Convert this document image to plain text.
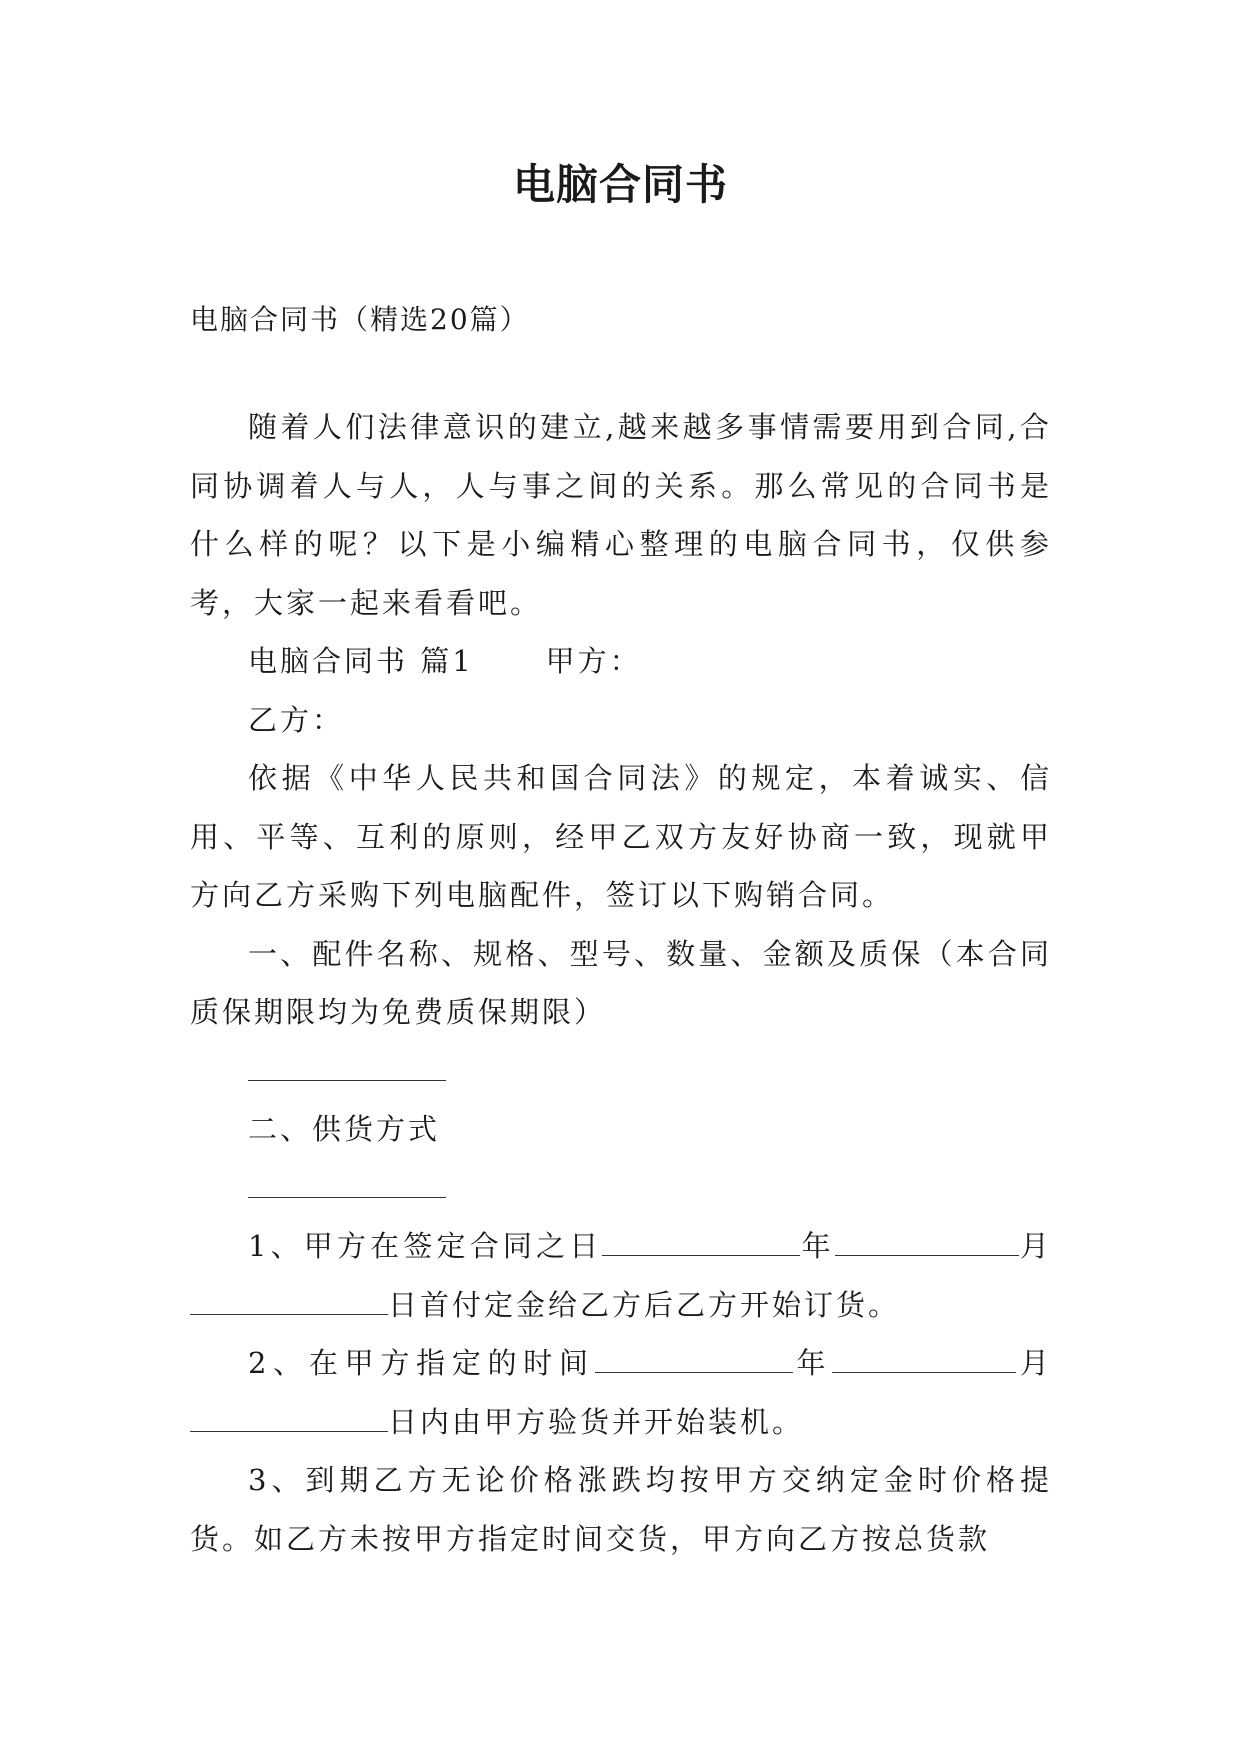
电脑合同书
电脑合同书（精选20篇）

随着人们法律意识的建立,越来越多事情需要用到合同,合同协调着人与人，人与事之间的关系。那么常见的合同书是什么样的呢？以下是小编精心整理的电脑合同书，仅供参考，大家一起来看看吧。

电脑合同书 篇1 甲方：

乙方：

依据《中华人民共和国合同法》的规定，本着诚实、信用、平等、互利的原则，经甲乙双方友好协商一致，现就甲方向乙方采购下列电脑配件，签订以下购销合同。

一、配件名称、规格、型号、数量、金额及质保（本合同质保期限均为免费质保期限）

二、供货方式

1、甲方在签定合同之日	年	月日首付定金给乙方后乙方开始订货。

2、在甲方指定的时间	年	月日内由甲方验货并开始装机。

3、到期乙方无论价格涨跌均按甲方交纳定金时价格提货。如乙方未按甲方指定时间交货，甲方向乙方按总货款
